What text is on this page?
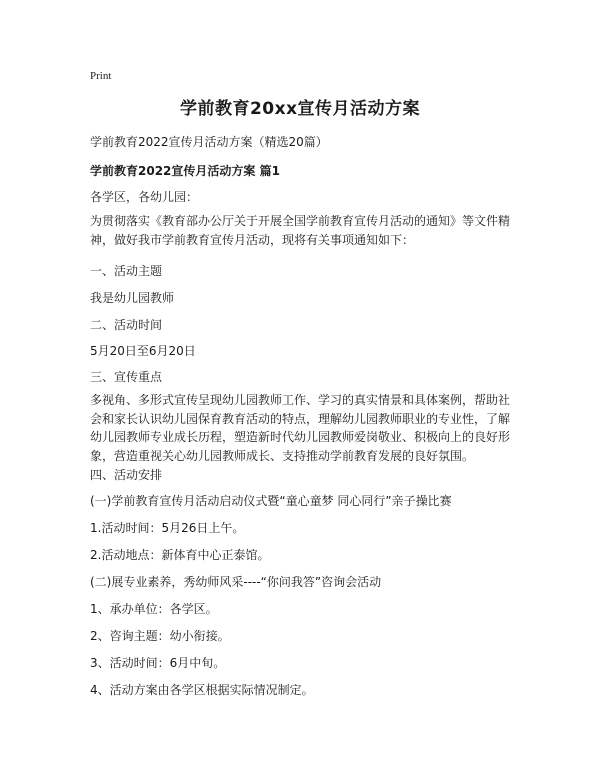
Print
学前教育20xx宣传月活动方案
学前教育2022宣传月活动方案（精选20篇）
学前教育2022宣传月活动方案 篇1
各学区，各幼儿园：
为贯彻落实《教育部办公厅关于开展全国学前教育宣传月活动的通知》等文件精神，做好我市学前教育宣传月活动，现将有关事项通知如下：
一、活动主题
我是幼儿园教师
二、活动时间
5月20日至6月20日
三、宣传重点
多视角、多形式宣传呈现幼儿园教师工作、学习的真实情景和具体案例，帮助社会和家长认识幼儿园保育教育活动的特点，理解幼儿园教师职业的专业性，了解幼儿园教师专业成长历程，塑造新时代幼儿园教师爱岗敬业、积极向上的良好形象，营造重视关心幼儿园教师成长、支持推动学前教育发展的良好氛围。
四、活动安排
(一)学前教育宣传月活动启动仪式暨“童心童梦 同心同行”亲子操比赛
1.活动时间：5月26日上午。
2.活动地点：新体育中心正泰馆。
(二)展专业素养，秀幼师风采----“你问我答”咨询会活动
1、承办单位：各学区。
2、咨询主题：幼小衔接。
3、活动时间：6月中旬。
4、活动方案由各学区根据实际情况制定。
